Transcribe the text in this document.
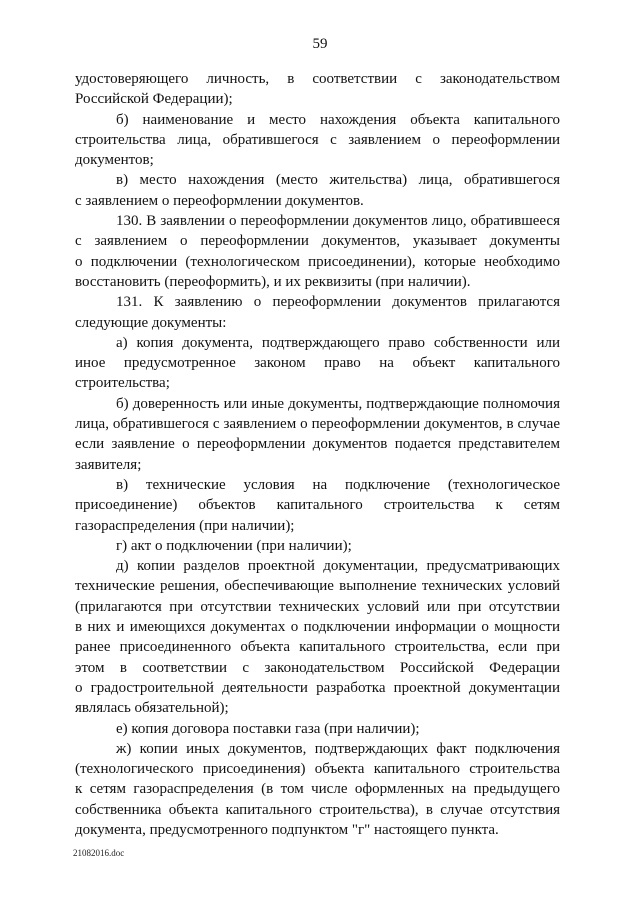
59
удостоверяющего личность, в соответствии с законодательством
Российской Федерации);
б) наименование и место нахождения объекта капитального
строительства лица, обратившегося с заявлением о переоформлении
документов;
в) место нахождения (место жительства) лица, обратившегося
с заявлением о переоформлении документов.
130. В заявлении о переоформлении документов лицо, обратившееся
с заявлением о переоформлении документов, указывает документы
о подключении (технологическом присоединении), которые необходимо
восстановить (переоформить), и их реквизиты (при наличии).
131. К заявлению о переоформлении документов прилагаются
следующие документы:
а) копия документа, подтверждающего право собственности или
иное предусмотренное законом право на объект капитального
строительства;
б) доверенность или иные документы, подтверждающие полномочия
лица, обратившегося с заявлением о переоформлении документов, в случае
если заявление о переоформлении документов подается представителем
заявителя;
в) технические условия на подключение (технологическое
присоединение) объектов капитального строительства к сетям
газораспределения (при наличии);
г) акт о подключении (при наличии);
д) копии разделов проектной документации, предусматривающих
технические решения, обеспечивающие выполнение технических условий
(прилагаются при отсутствии технических условий или при отсутствии
в них и имеющихся документах о подключении информации о мощности
ранее присоединенного объекта капитального строительства, если при
этом в соответствии с законодательством Российской Федерации
о градостроительной деятельности разработка проектной документации
являлась обязательной);
е) копия договора поставки газа (при наличии);
ж) копии иных документов, подтверждающих факт подключения
(технологического присоединения) объекта капитального строительства
к сетям газораспределения (в том числе оформленных на предыдущего
собственника объекта капитального строительства), в случае отсутствия
документа, предусмотренного подпунктом "г" настоящего пункта.
21082016.doc
